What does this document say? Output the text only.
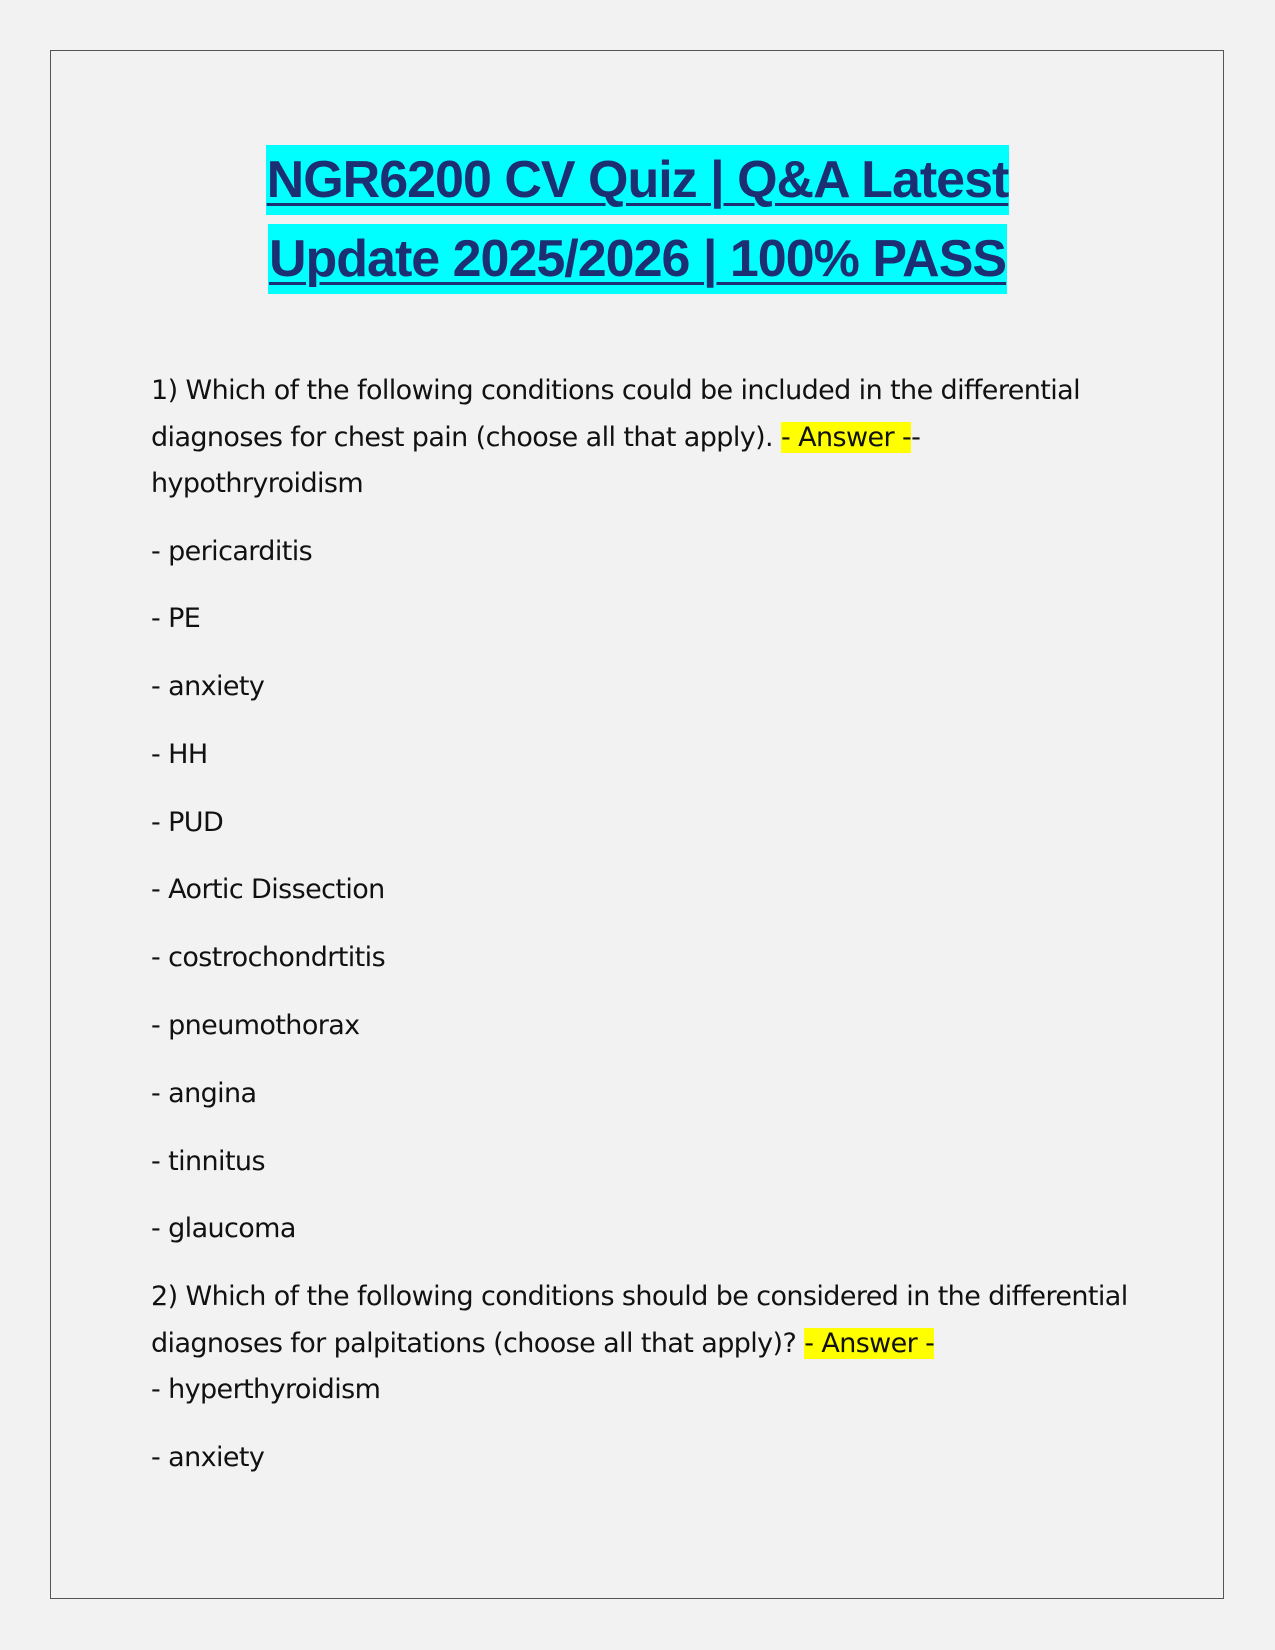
NGR6200 CV Quiz | Q&A Latest
Update 2025/2026 | 100% PASS
1) Which of the following conditions could be included in the differential diagnoses for chest pain (choose all that apply). - Answer -- hypothryroidism
- pericarditis
- PE
- anxiety
- HH
- PUD
- Aortic Dissection
- costrochondrtitis
- pneumothorax
- angina
- tinnitus
- glaucoma
2) Which of the following conditions should be considered in the differential diagnoses for palpitations (choose all that apply)? - Answer -
- hyperthyroidism
- anxiety
